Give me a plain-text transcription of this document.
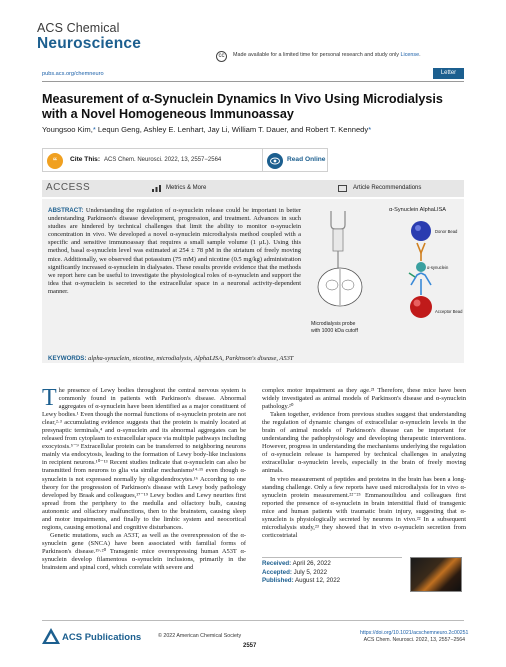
ACS Chemical
Neuroscience
cc	Made available for a limited time for personal research and study only License.
pubs.acs.org/chemneuro	Letter
Measurement of α-Synuclein Dynamics In Vivo Using Microdialysis with a Novel Homogeneous Immunoassay
Youngsoo Kim,* Lequn Geng, Ashley E. Lenhart, Jay Li, William T. Dauer, and Robert T. Kennedy*
“	Cite This: ACS Chem. Neurosci. 2022, 13, 2557−2564	Read Online
ACCESS	Metrics & More	Article Recommendations
ABSTRACT: Understanding the regulation of α-synuclein release could be important in better understanding Parkinson's disease development, progression, and treatment. Advances in such studies are hindered by technical challenges that limit the ability to monitor α-synuclein concentration in vivo. We developed a novel α-synuclein microdialysis method coupled with a specific and sensitive immunoassay that requires a small sample volume (1 μL). Using this method, basal α-synuclein level was estimated at 254 ± 78 pM in the striatum of freely moving mice. Additionally, we observed that potassium (75 mM) and nicotine (0.5 mg/kg) administration significantly increased α-synuclein in dialysates. These results provide evidence that the methods we report here can be useful to investigate the physiological roles of α-synuclein and support the idea that α-synuclein is secreted to the extracellular space in a neuronal activity-dependent manner.
α-Synuclein AlphaLISA
Microdialysis probe
with 1000 kDa cutoff
Donor Bead
α-synuclein
Acceptor Bead
KEYWORDS: alpha-synuclein, nicotine, microdialysis, AlphaLISA, Parkinson's disease, A53T

The presence of Lewy bodies throughout the central nervous system is commonly found in patients with Parkinson's disease. Abnormal aggregates of α-synuclein have been identified as a major constituent of Lewy bodies.¹ Even though the normal functions of α-synuclein protein are not clear,²·³ accumulating evidence suggests that the protein is mainly located at presynaptic terminals,⁴ and α-synuclein and its abnormal aggregates can be released from cytoplasm to extracellular space via multiple pathways including exocytosis.⁵⁻⁹ Extracellular protein can be transferred to neighboring neurons mainly via endocytosis, leading to the formation of Lewy body-like inclusions in recipient neurons.¹⁰⁻¹³ Recent studies indicate that α-synuclein can also be transmitted from neurons to glia via similar mechanisms¹⁴·¹⁵ even though α-synuclein is not expressed normally by oligodendrocytes.¹⁶ According to one theory for the progression of Parkinson's disease with Lewy body pathology developed by Braak and colleagues,¹⁷⁻¹⁹ Lewy bodies and Lewy neurites first spread from the periphery to the medulla and olfactory bulb, causing autonomic and olfactory malfunctions, then to the brainstem, causing sleep and motor impairments, and finally to the limbic system and neocortical regions, causing emotional and cognitive disturbances.

Genetic mutations, such as A53T, as well as the overexpression of the α-synuclein gene (SNCA) have been associated with familial forms of Parkinson's disease.¹⁹·²⁰ Transgenic mice overexpressing human A53T α-synuclein develop filamentous α-synuclein inclusions, primarily in the brainstem and spinal cord, which correlate with severe and

complex motor impairment as they age.²¹ Therefore, these mice have been widely investigated as animal models of Parkinson's disease and α-synuclein pathology.²⁰

Taken together, evidence from previous studies suggest that understanding the regulation of dynamic changes of extracellular α-synuclein levels in the brain of animal models of Parkinson's disease can be important for understanding the pathophysiology and developing therapeutic interventions. However, progress in understanding the mechanisms underlying the regulation of α-synuclein release is hampered by technical challenges in analyzing extracellular α-synuclein levels, especially in the brain of freely moving animals.

In vivo measurement of peptides and proteins in the brain has been a long-standing challenge. Only a few reports have used microdialysis for in vivo α-synuclein protein measurement.²²⁻²⁵ Emmanouilidou and colleagues first reported the presence of α-synuclein in brain interstitial fluid of transgenic mice and human patients with traumatic brain injury, suggesting that α-synuclein is physiologically secreted by neurons in vivo.²² In a subsequent microdialysis study,²³ they showed that in vivo α-synuclein secretion from corticostriatal

Received: April 26, 2022
Accepted: July 5, 2022
Published: August 12, 2022
ACS Publications	© 2022 American Chemical Society
2557
https://doi.org/10.1021/acschemneuro.2c00251
ACS Chem. Neurosci. 2022, 13, 2557−2564
